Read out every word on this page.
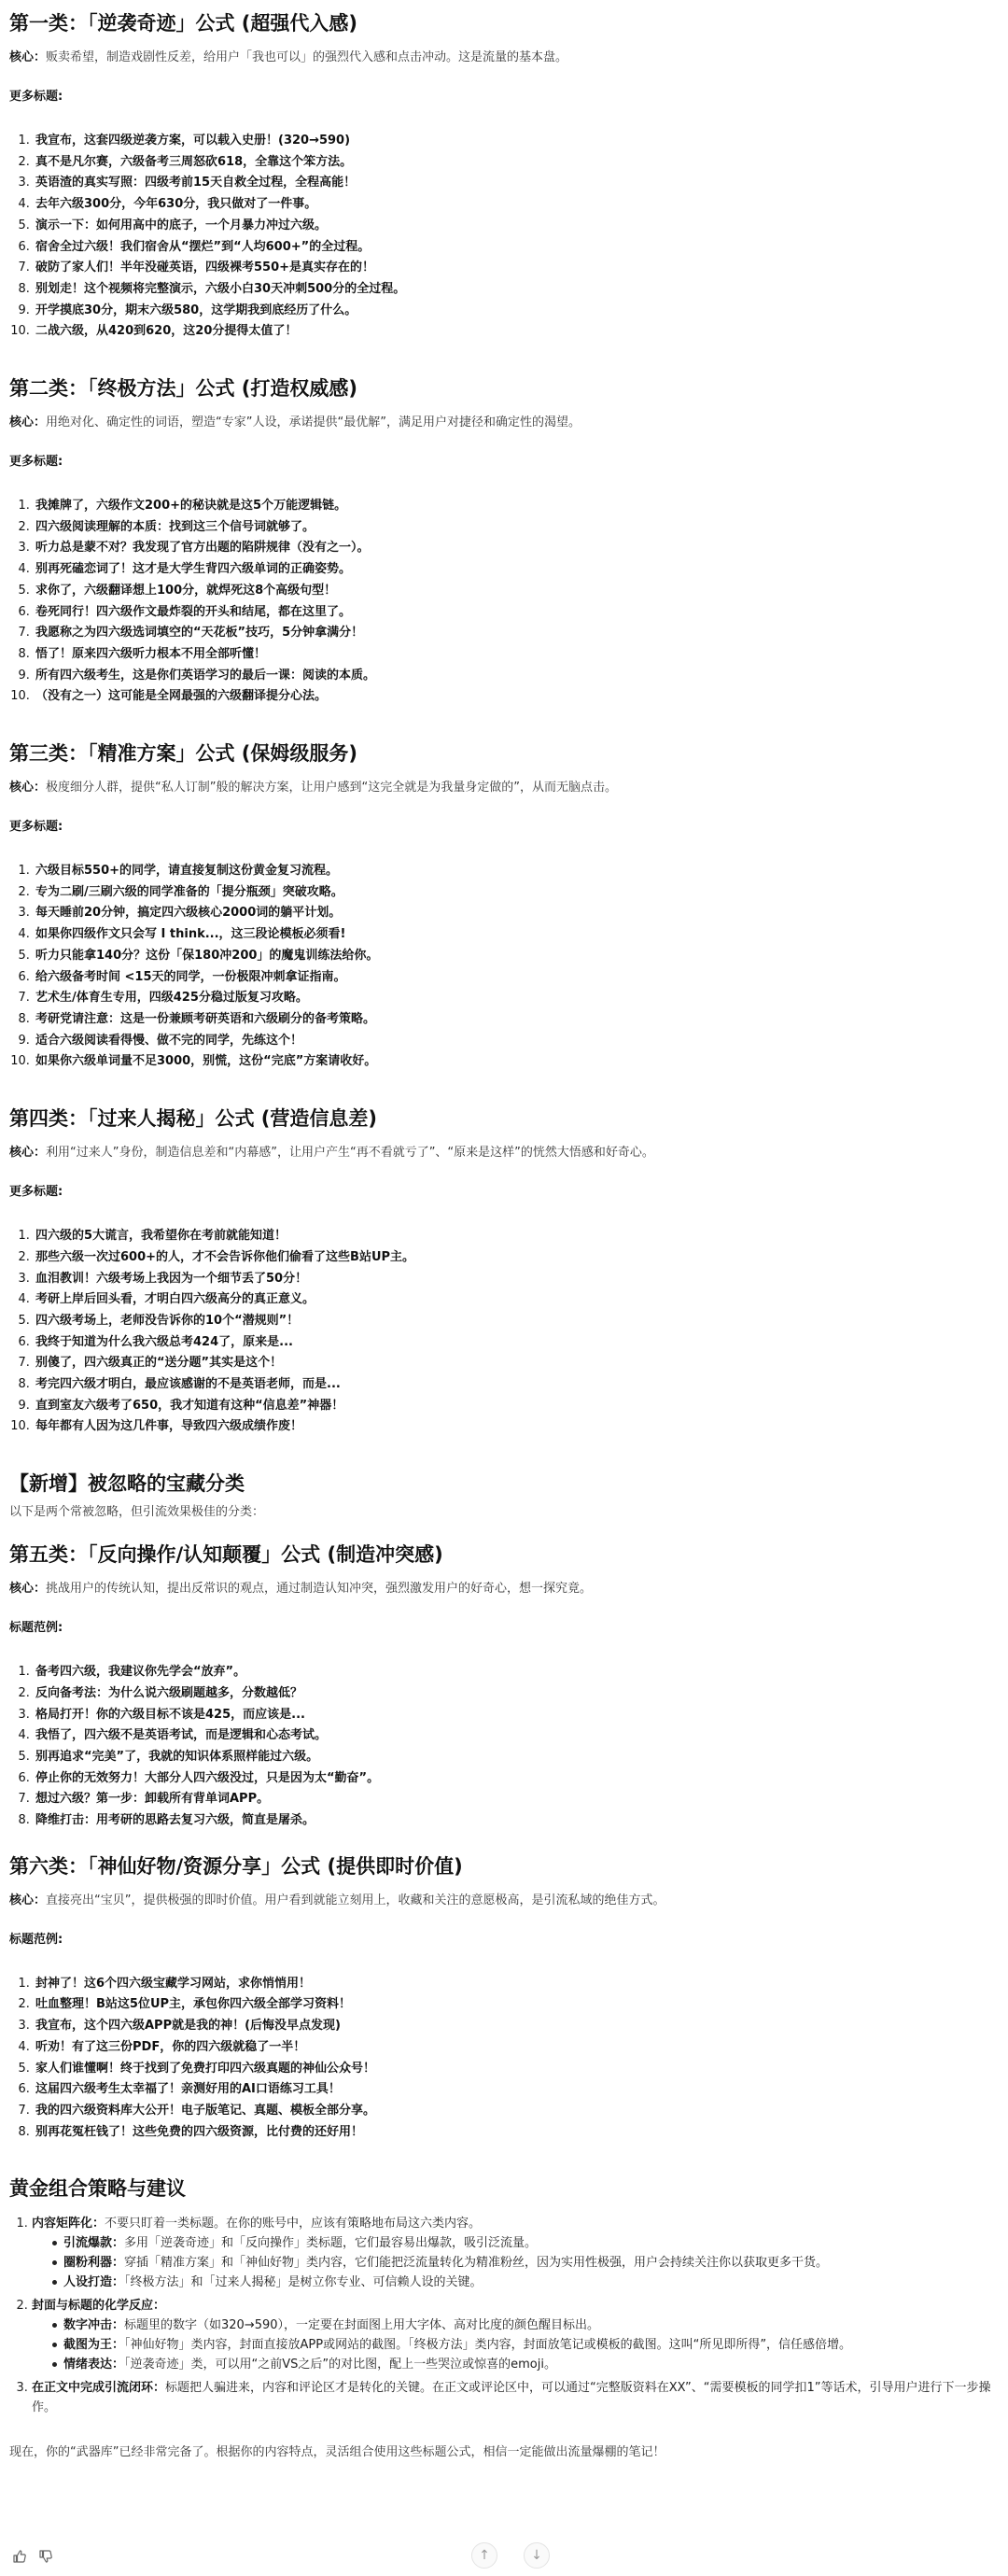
第一类：「逆袭奇迹」公式 (超强代入感)

核心：贩卖希望，制造戏剧性反差，给用户「我也可以」的强烈代入感和点击冲动。这是流量的基本盘。

更多标题:

1. 我宣布，这套四级逆袭方案，可以载入史册！(320→590)
2. 真不是凡尔赛，六级备考三周怒砍618，全靠这个笨方法。
3. 英语渣的真实写照：四级考前15天自救全过程，全程高能！
4. 去年六级300分，今年630分，我只做对了一件事。
5. 演示一下：如何用高中的底子，一个月暴力冲过六级。
6. 宿舍全过六级！我们宿舍从“摆烂”到“人均600+”的全过程。
7. 破防了家人们！半年没碰英语，四级裸考550+是真实存在的！
8. 别划走！这个视频将完整演示，六级小白30天冲刺500分的全过程。
9. 开学摸底30分，期末六级580，这学期我到底经历了什么。
10. 二战六级，从420到620，这20分提得太值了！
第二类：「终极方法」公式 (打造权威感)

核心：用绝对化、确定性的词语，塑造“专家”人设，承诺提供“最优解”，满足用户对捷径和确定性的渴望。

更多标题:

1. 我摊牌了，六级作文200+的秘诀就是这5个万能逻辑链。
2. 四六级阅读理解的本质：找到这三个信号词就够了。
3. 听力总是蒙不对？我发现了官方出题的陷阱规律（没有之一）。
4. 别再死磕恋词了！这才是大学生背四六级单词的正确姿势。
5. 求你了，六级翻译想上100分，就焊死这8个高级句型！
6. 卷死同行！四六级作文最炸裂的开头和结尾，都在这里了。
7. 我愿称之为四六级选词填空的“天花板”技巧，5分钟拿满分！
8. 悟了！原来四六级听力根本不用全部听懂！
9. 所有四六级考生，这是你们英语学习的最后一课：阅读的本质。
10. （没有之一）这可能是全网最强的六级翻译提分心法。
第三类：「精准方案」公式 (保姆级服务)

核心：极度细分人群，提供“私人订制”般的解决方案，让用户感到“这完全就是为我量身定做的”，从而无脑点击。

更多标题:

1. 六级目标550+的同学，请直接复制这份黄金复习流程。
2. 专为二刷/三刷六级的同学准备的「提分瓶颈」突破攻略。
3. 每天睡前20分钟，搞定四六级核心2000词的躺平计划。
4. 如果你四级作文只会写 I think...，这三段论模板必须看!
5. 听力只能拿140分？这份「保180冲200」的魔鬼训练法给你。
6. 给六级备考时间 <15天的同学，一份极限冲刺拿证指南。
7. 艺术生/体育生专用，四级425分稳过版复习攻略。
8. 考研党请注意：这是一份兼顾考研英语和六级刷分的备考策略。
9. 适合六级阅读看得慢、做不完的同学，先练这个！
10. 如果你六级单词量不足3000，别慌，这份“完底”方案请收好。
第四类：「过来人揭秘」公式 (营造信息差)

核心：利用“过来人”身份，制造信息差和“内幕感”，让用户产生“再不看就亏了”、“原来是这样”的恍然大悟感和好奇心。

更多标题:

1. 四六级的5大谎言，我希望你在考前就能知道！
2. 那些六级一次过600+的人，才不会告诉你他们偷看了这些B站UP主。
3. 血泪教训！六级考场上我因为一个细节丢了50分！
4. 考研上岸后回头看，才明白四六级高分的真正意义。
5. 四六级考场上，老师没告诉你的10个“潜规则”！
6. 我终于知道为什么我六级总考424了，原来是...
7. 别傻了，四六级真正的“送分题”其实是这个！
8. 考完四六级才明白，最应该感谢的不是英语老师，而是...
9. 直到室友六级考了650，我才知道有这种“信息差”神器！
10. 每年都有人因为这几件事，导致四六级成绩作废！
【新增】被忽略的宝藏分类

以下是两个常被忽略，但引流效果极佳的分类：

第五类：「反向操作/认知颠覆」公式 (制造冲突感)

核心：挑战用户的传统认知，提出反常识的观点，通过制造认知冲突，强烈激发用户的好奇心，想一探究竟。

标题范例:

1. 备考四六级，我建议你先学会“放弃”。
2. 反向备考法：为什么说六级刷题越多，分数越低？
3. 格局打开！你的六级目标不该是425，而应该是...
4. 我悟了，四六级不是英语考试，而是逻辑和心态考试。
5. 别再追求“完美”了，我就的知识体系照样能过六级。
6. 停止你的无效努力！大部分人四六级没过，只是因为太“勤奋”。
7. 想过六级？第一步：卸载所有背单词APP。
8. 降维打击：用考研的思路去复习六级，简直是屠杀。
第六类：「神仙好物/资源分享」公式 (提供即时价值)

核心：直接亮出“宝贝”，提供极强的即时价值。用户看到就能立刻用上，收藏和关注的意愿极高，是引流私域的绝佳方式。

标题范例:

1. 封神了！这6个四六级宝藏学习网站，求你悄悄用！
2. 吐血整理！B站这5位UP主，承包你四六级全部学习资料！
3. 我宣布，这个四六级APP就是我的神！(后悔没早点发现)
4. 听劝！有了这三份PDF，你的四六级就稳了一半！
5. 家人们谁懂啊！终于找到了免费打印四六级真题的神仙公众号！
6. 这届四六级考生太幸福了！亲测好用的AI口语练习工具！
7. 我的四六级资料库大公开！电子版笔记、真题、模板全部分享。
8. 别再花冤枉钱了！这些免费的四六级资源，比付费的还好用！
黄金组合策略与建议
1. 内容矩阵化：不要只盯着一类标题。在你的账号中，应该有策略地布局这六类内容。
引流爆款：多用「逆袭奇迹」和「反向操作」类标题，它们最容易出爆款，吸引泛流量。
圈粉利器：穿插「精准方案」和「神仙好物」类内容，它们能把泛流量转化为精准粉丝，因为实用性极强，用户会持续关注你以获取更多干货。
人设打造：「终极方法」和「过来人揭秘」是树立你专业、可信赖人设的关键。
2. 封面与标题的化学反应：
数字冲击：标题里的数字（如320→590），一定要在封面图上用大字体、高对比度的颜色醒目标出。
截图为王：「神仙好物」类内容，封面直接放APP或网站的截图。「终极方法」类内容，封面放笔记或模板的截图。这叫“所见即所得”，信任感倍增。
情绪表达：「逆袭奇迹」类，可以用“之前VS之后”的对比图，配上一些哭泣或惊喜的emoji。
3. 在正文中完成引流闭环：标题把人骗进来，内容和评论区才是转化的关键。在正文或评论区中，可以通过“完整版资料在XX”、“需要模板的同学扣1”等话术，引导用户进行下一步操作。

现在，你的“武器库”已经非常完备了。根据你的内容特点，灵活组合使用这些标题公式，相信一定能做出流量爆棚的笔记！

↑	↓
